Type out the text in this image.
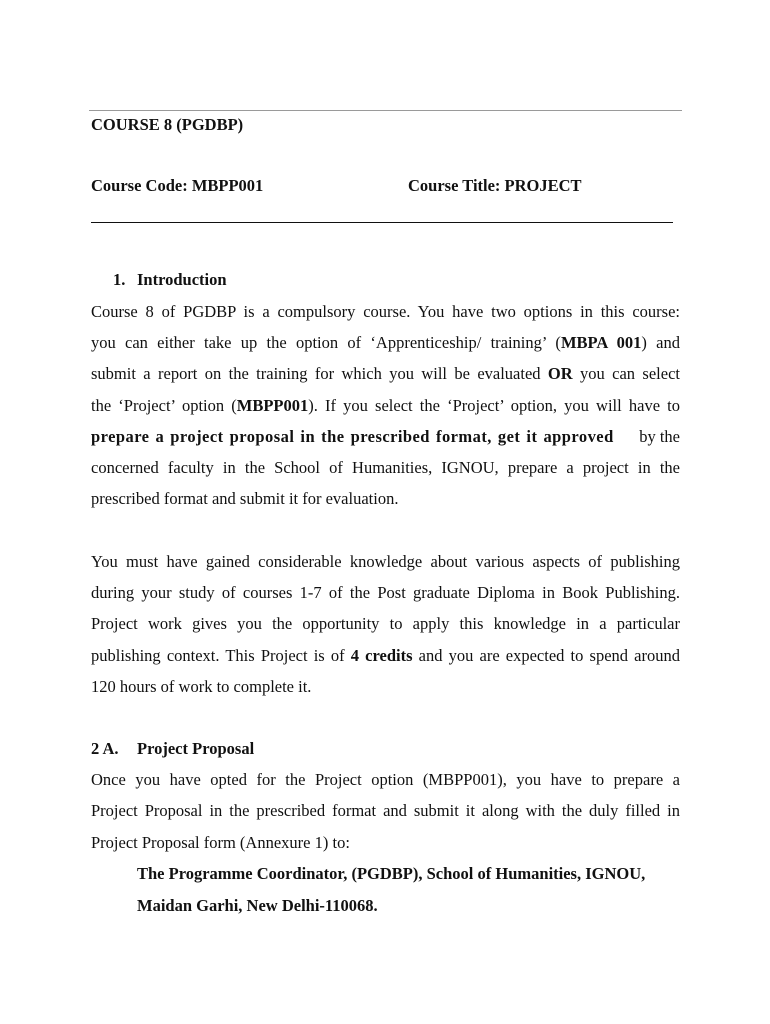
COURSE 8 (PGDBP)
Course Code: MBPP001	Course Title: PROJECT
1. Introduction
Course 8 of PGDBP is a compulsory course. You have two options in this course:
you can either take up the option of ‘Apprenticeship/ training’ (MBPA 001) and
submit a report on the training for which you will be evaluated OR you can select
the ‘Project’ option (MBPP001). If you select the ‘Project’ option, you will have to
prepare a project proposal in the prescribed format, get it approved by the
concerned faculty in the School of Humanities, IGNOU, prepare a project in the
prescribed format and submit it for evaluation.
You must have gained considerable knowledge about various aspects of publishing
during your study of courses 1-7 of the Post graduate Diploma in Book Publishing.
Project work gives you the opportunity to apply this knowledge in a particular
publishing context. This Project is of 4 credits and you are expected to spend around
120 hours of work to complete it.
2 A.	Project Proposal
Once you have opted for the Project option (MBPP001), you have to prepare a
Project Proposal in the prescribed format and submit it along with the duly filled in
Project Proposal form (Annexure 1) to:
The Programme Coordinator, (PGDBP), School of Humanities, IGNOU,
Maidan Garhi, New Delhi-110068.
